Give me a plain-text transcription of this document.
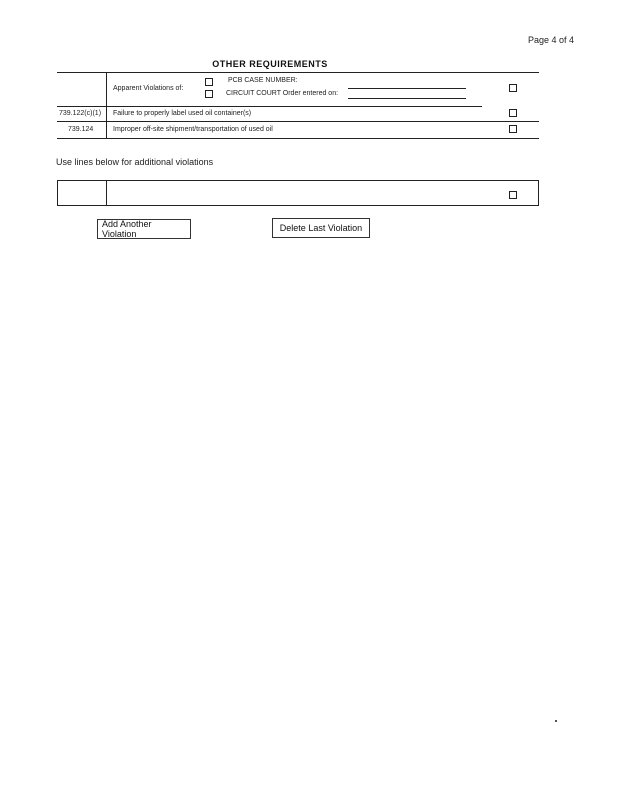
Page 4 of 4
OTHER REQUIREMENTS
Apparent Violations of:
PCB CASE NUMBER:
CIRCUIT COURT Order entered on:
739.122(c)(1) Failure to properly label used oil container(s)
739.124	Improper off-site shipment/transportation of used oil
Use lines below for additional violations
Add Another Violation
Delete Last Violation
